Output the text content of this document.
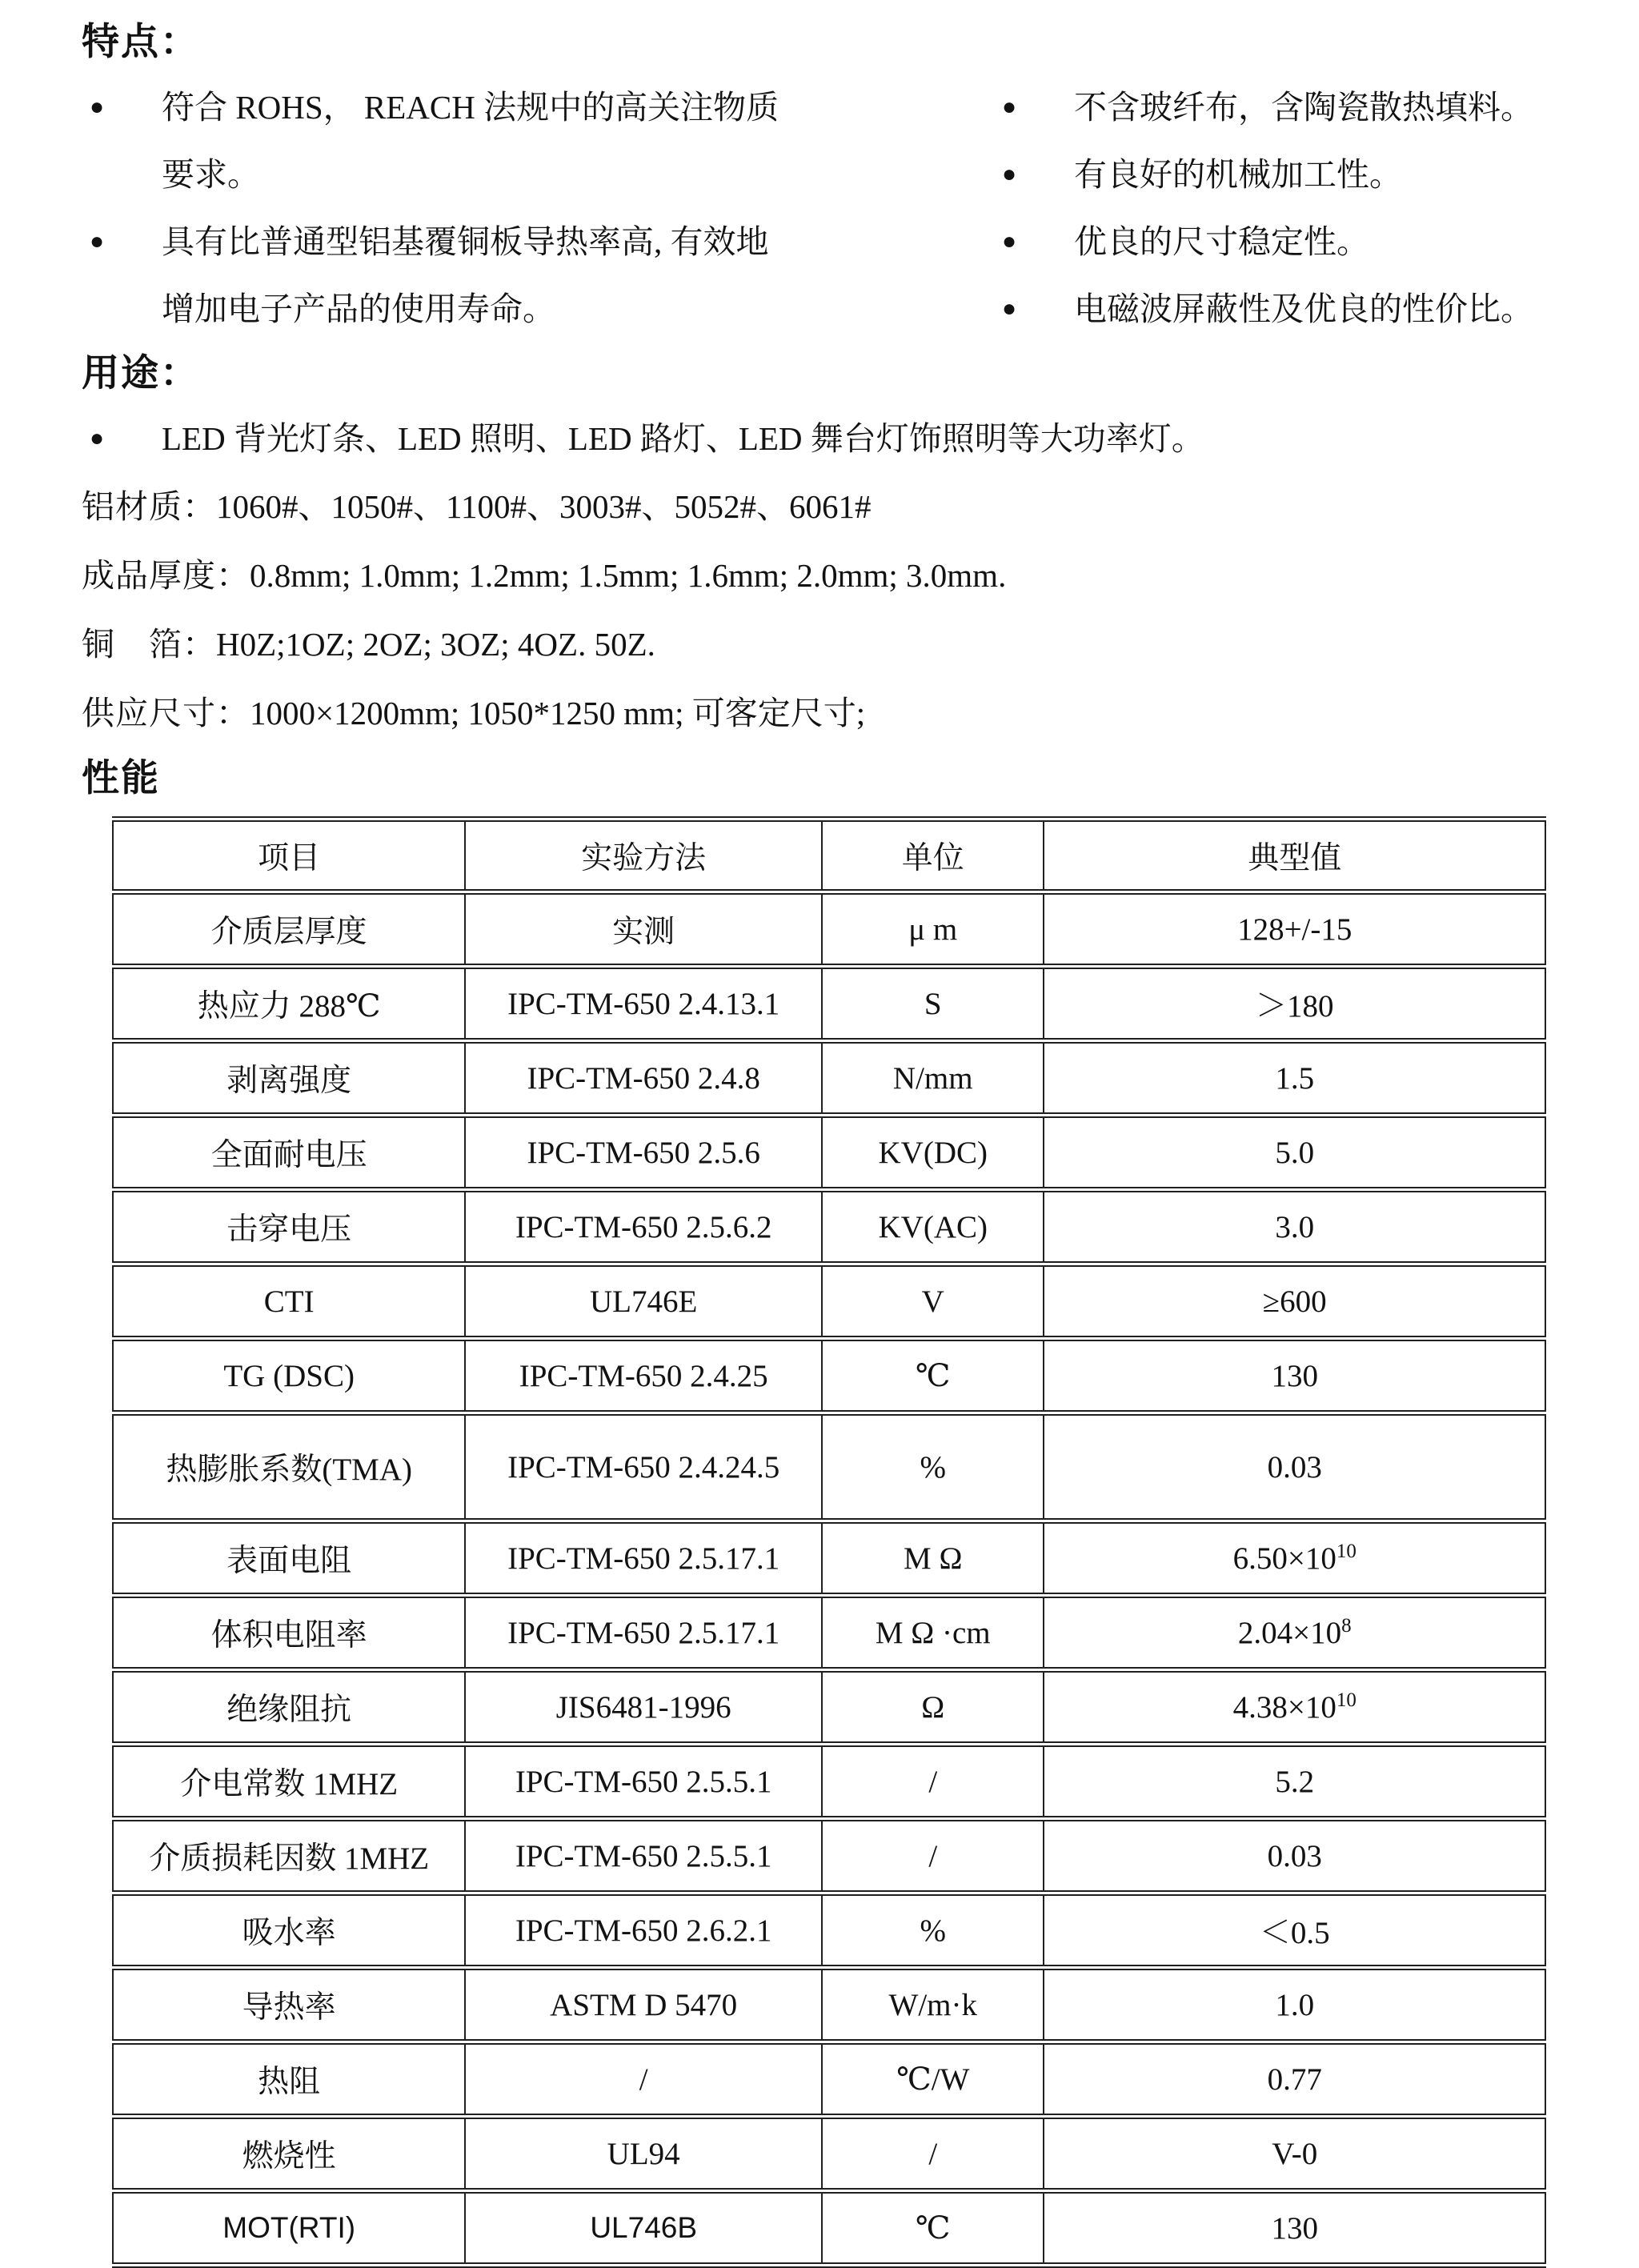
特点：
●	符合 ROHS， REACH 法规中的高关注物质
要求。
●	具有比普通型铝基覆铜板导热率高, 有效地
增加电子产品的使用寿命。
●	不含玻纤布，含陶瓷散热填料。
●	有良好的机械加工性。
●	优良的尺寸稳定性。
●	电磁波屏蔽性及优良的性价比。
用途：
●	LED 背光灯条、LED 照明、LED 路灯、LED 舞台灯饰照明等大功率灯。
铝材质：1060#、1050#、1100#、3003#、5052#、6061#
成品厚度：0.8mm; 1.0mm; 1.2mm; 1.5mm; 1.6mm; 2.0mm; 3.0mm.
铜　箔：H0Z;1OZ; 2OZ; 3OZ; 4OZ. 50Z.
供应尺寸：1000×1200mm; 1050*1250 mm; 可客定尺寸;
性能
项目	实验方法	单位	典型值
介质层厚度	实测	μ m	128+/-15
热应力 288℃	IPC-TM-650 2.4.13.1	S	＞180
剥离强度	IPC-TM-650 2.4.8	N/mm	1.5
全面耐电压	IPC-TM-650 2.5.6	KV(DC)	5.0
击穿电压	IPC-TM-650 2.5.6.2	KV(AC)	3.0
CTI	UL746E	V	≥600
TG (DSC)	IPC-TM-650 2.4.25	℃	130
热膨胀系数(TMA)	IPC-TM-650 2.4.24.5	%	0.03
表面电阻	IPC-TM-650 2.5.17.1	M Ω	$6.50\times 10^{10}$
体积电阻率	IPC-TM-650 2.5.17.1	M Ω ·cm	$2.04\times 10^8$
绝缘阻抗	JIS6481-1996	Ω	$4.38\times 10^{10}$
介电常数 1MHZ	IPC-TM-650 2.5.5.1	/	5.2
介质损耗因数 1MHZ	IPC-TM-650 2.5.5.1	/	0.03
吸水率	IPC-TM-650 2.6.2.1	%	＜0.5
导热率	ASTM D 5470	W/m·k	1.0
热阻	/	℃/W	0.77
燃烧性	UL94	/	V-0
MOT(RTI)	UL746B	℃	130
